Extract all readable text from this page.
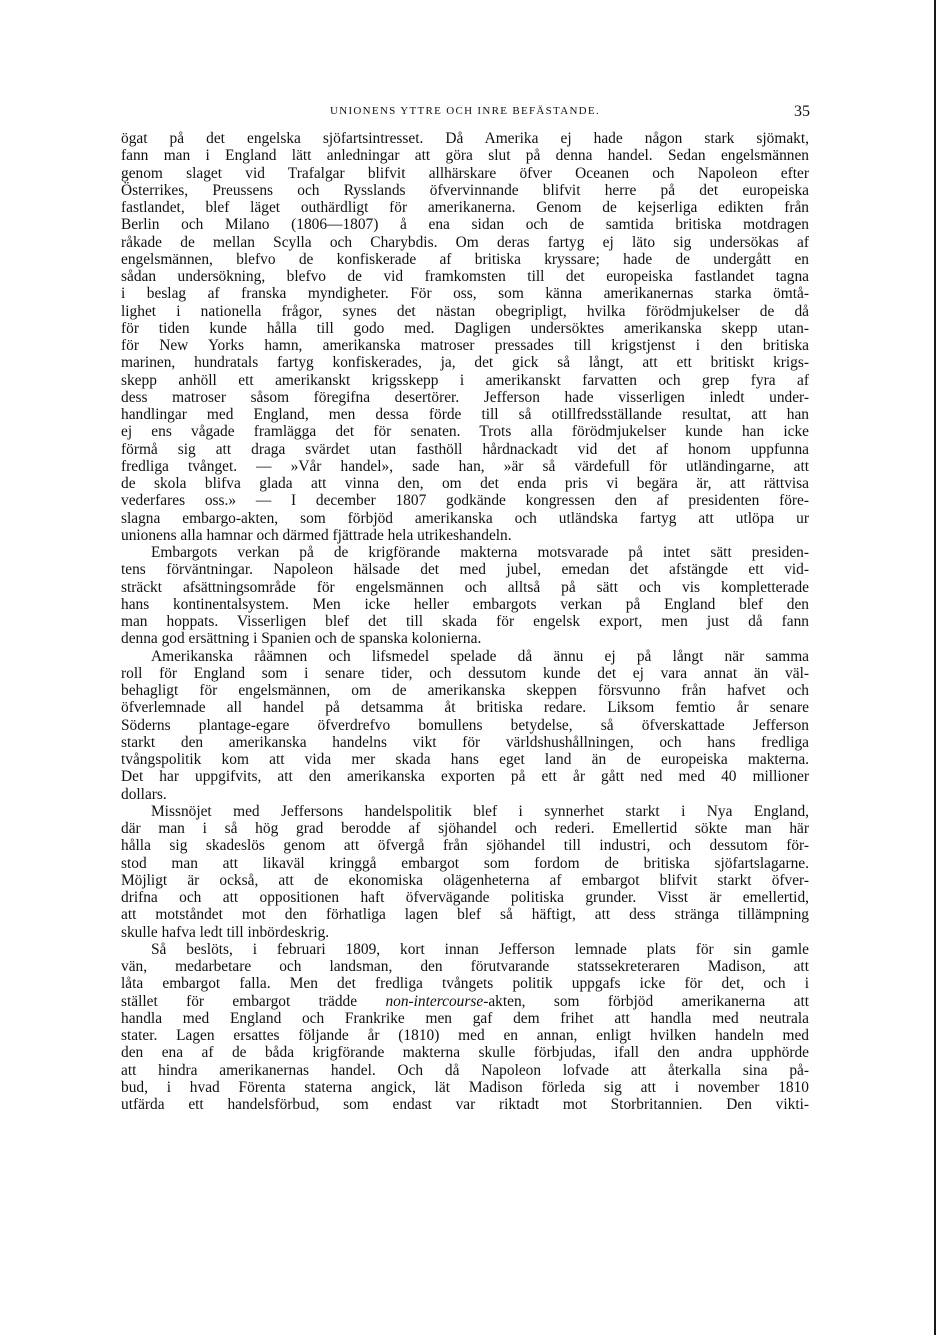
UNIONENS YTTRE OCH INRE BEFÄSTANDE.	35
ögat på det engelska sjöfartsintresset. Då Amerika ej hade någon stark sjömakt,
fann man i England lätt anledningar att göra slut på denna handel. Sedan engelsmännen
genom slaget vid Trafalgar blifvit allhärskare öfver Oceanen och Napoleon efter
Österrikes, Preussens och Rysslands öfvervinnande blifvit herre på det europeiska
fastlandet, blef läget outhärdligt för amerikanerna. Genom de kejserliga edikten från
Berlin och Milano (1806—1807) å ena sidan och de samtida britiska motdragen
råkade de mellan Scylla och Charybdis. Om deras fartyg ej läto sig undersökas af
engelsmännen, blefvo de konfiskerade af britiska kryssare; hade de undergått en
sådan undersökning, blefvo de vid framkomsten till det europeiska fastlandet tagna
i beslag af franska myndigheter. För oss, som känna amerikanernas starka ömtå-
lighet i nationella frågor, synes det nästan obegripligt, hvilka förödmjukelser de då
för tiden kunde hålla till godo med. Dagligen undersöktes amerikanska skepp utan-
för New Yorks hamn, amerikanska matroser pressades till krigstjenst i den britiska
marinen, hundratals fartyg konfiskerades, ja, det gick så långt, att ett britiskt krigs-
skepp anhöll ett amerikanskt krigsskepp i amerikanskt farvatten och grep fyra af
dess matroser såsom föregifna desertörer. Jefferson hade visserligen inledt under-
handlingar med England, men dessa förde till så otillfredsställande resultat, att han
ej ens vågade framlägga det för senaten. Trots alla förödmjukelser kunde han icke
förmå sig att draga svärdet utan fasthöll hårdnackadt vid det af honom uppfunna
fredliga tvånget. — »Vår handel», sade han, »är så värdefull för utländingarne, att
de skola blifva glada att vinna den, om det enda pris vi begära är, att rättvisa
vederfares oss.» — I december 1807 godkände kongressen den af presidenten före-
slagna embargo-akten, som förbjöd amerikanska och utländska fartyg att utlöpa ur
unionens alla hamnar och därmed fjättrade hela utrikeshandeln.
Embargots verkan på de krigförande makterna motsvarade på intet sätt presiden-
tens förväntningar. Napoleon hälsade det med jubel, emedan det afstängde ett vid-
sträckt afsättningsområde för engelsmännen och alltså på sätt och vis kompletterade
hans kontinentalsystem. Men icke heller embargots verkan på England blef den
man hoppats. Visserligen blef det till skada för engelsk export, men just då fann
denna god ersättning i Spanien och de spanska kolonierna.
Amerikanska råämnen och lifsmedel spelade då ännu ej på långt när samma
roll för England som i senare tider, och dessutom kunde det ej vara annat än väl-
behagligt för engelsmännen, om de amerikanska skeppen försvunno från hafvet och
öfverlemnade all handel på detsamma åt britiska redare. Liksom femtio år senare
Söderns plantage-egare öfverdrefvo bomullens betydelse, så öfverskattade Jefferson
starkt den amerikanska handelns vikt för världshushållningen, och hans fredliga
tvångspolitik kom att vida mer skada hans eget land än de europeiska makterna.
Det har uppgifvits, att den amerikanska exporten på ett år gått ned med 40 millioner
dollars.
Missnöjet med Jeffersons handelspolitik blef i synnerhet starkt i Nya England,
där man i så hög grad berodde af sjöhandel och rederi. Emellertid sökte man här
hålla sig skadeslös genom att öfvergå från sjöhandel till industri, och dessutom för-
stod man att likaväl kringgå embargot som fordom de britiska sjöfartslagarne.
Möjligt är också, att de ekonomiska olägenheterna af embargot blifvit starkt öfver-
drifna och att oppositionen haft öfvervägande politiska grunder. Visst är emellertid,
att motståndet mot den förhatliga lagen blef så häftigt, att dess stränga tillämpning
skulle hafva ledt till inbördeskrig.
Så beslöts, i februari 1809, kort innan Jefferson lemnade plats för sin gamle
vän, medarbetare och landsman, den förutvarande statssekreteraren Madison, att
låta embargot falla. Men det fredliga tvångets politik uppgafs icke för det, och i
stället för embargot trädde non-intercourse-akten, som förbjöd amerikanerna att
handla med England och Frankrike men gaf dem frihet att handla med neutrala
stater. Lagen ersattes följande år (1810) med en annan, enligt hvilken handeln med
den ena af de båda krigförande makterna skulle förbjudas, ifall den andra upphörde
att hindra amerikanernas handel. Och då Napoleon lofvade att återkalla sina på-
bud, i hvad Förenta staterna angick, lät Madison förleda sig att i november 1810
utfärda ett handelsförbud, som endast var riktadt mot Storbritannien. Den vikti-
